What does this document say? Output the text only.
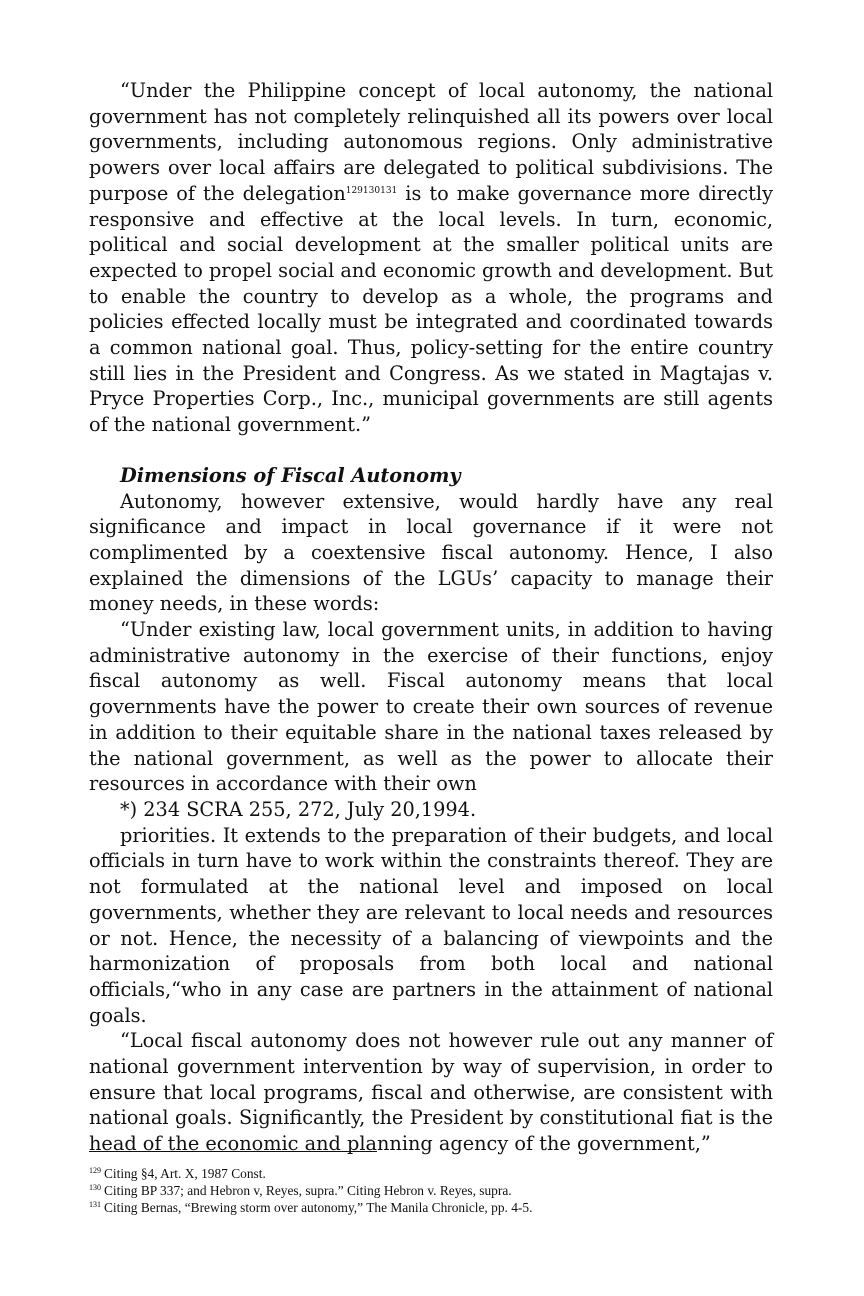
“Under the Philippine concept of local autonomy, the national government has not completely relinquished all its powers over local governments, including autonomous regions. Only administrative powers over local affairs are delegated to political subdivisions. The purpose of the delegation$^{129130131}$ is to make governance more directly responsive and effective at the local levels. In turn, economic, political and social development at the smaller political units are expected to propel social and economic growth and development. But to enable the country to develop as a whole, the programs and policies effected locally must be integrated and coordinated towards a common national goal. Thus, policy-setting for the entire country still lies in the President and Congress. As we stated in Magtajas v. Pryce Properties Corp., Inc., municipal governments are still agents of the national government.”

Dimensions of Fiscal Autonomy

Autonomy, however extensive, would hardly have any real significance and impact in local governance if it were not complimented by a coextensive fiscal autonomy. Hence, I also explained the dimensions of the LGUs’ capacity to manage their money needs, in these words:

“Under existing law, local government units, in addition to having administrative autonomy in the exercise of their functions, enjoy fiscal autonomy as well. Fiscal autonomy means that local governments have the power to create their own sources of revenue in addition to their equitable share in the national taxes released by the national government, as well as the power to allocate their resources in accordance with their own

*) 234 SCRA 255, 272, July 20,1994.

priorities. It extends to the preparation of their budgets, and local officials in turn have to work within the constraints thereof. They are not formulated at the national level and imposed on local governments, whether they are relevant to local needs and resources or not. Hence, the necessity of a balancing of viewpoints and the harmonization of proposals from both local and national officials,“who in any case are partners in the attainment of national goals.

“Local fiscal autonomy does not however rule out any manner of national government intervention by way of supervision, in order to ensure that local programs, fiscal and otherwise, are consistent with national goals. Significantly, the President by constitutional fiat is the head of the economic and planning agency of the government,”

$^{129}$ Citing §4, Art. X, 1987 Const.

$^{130}$ Citing BP 337; and Hebron v, Reyes, supra.” Citing Hebron v. Reyes, supra.

$^{131}$ Citing Bernas, “Brewing storm over autonomy,” The Manila Chronicle, pp. 4-5.
